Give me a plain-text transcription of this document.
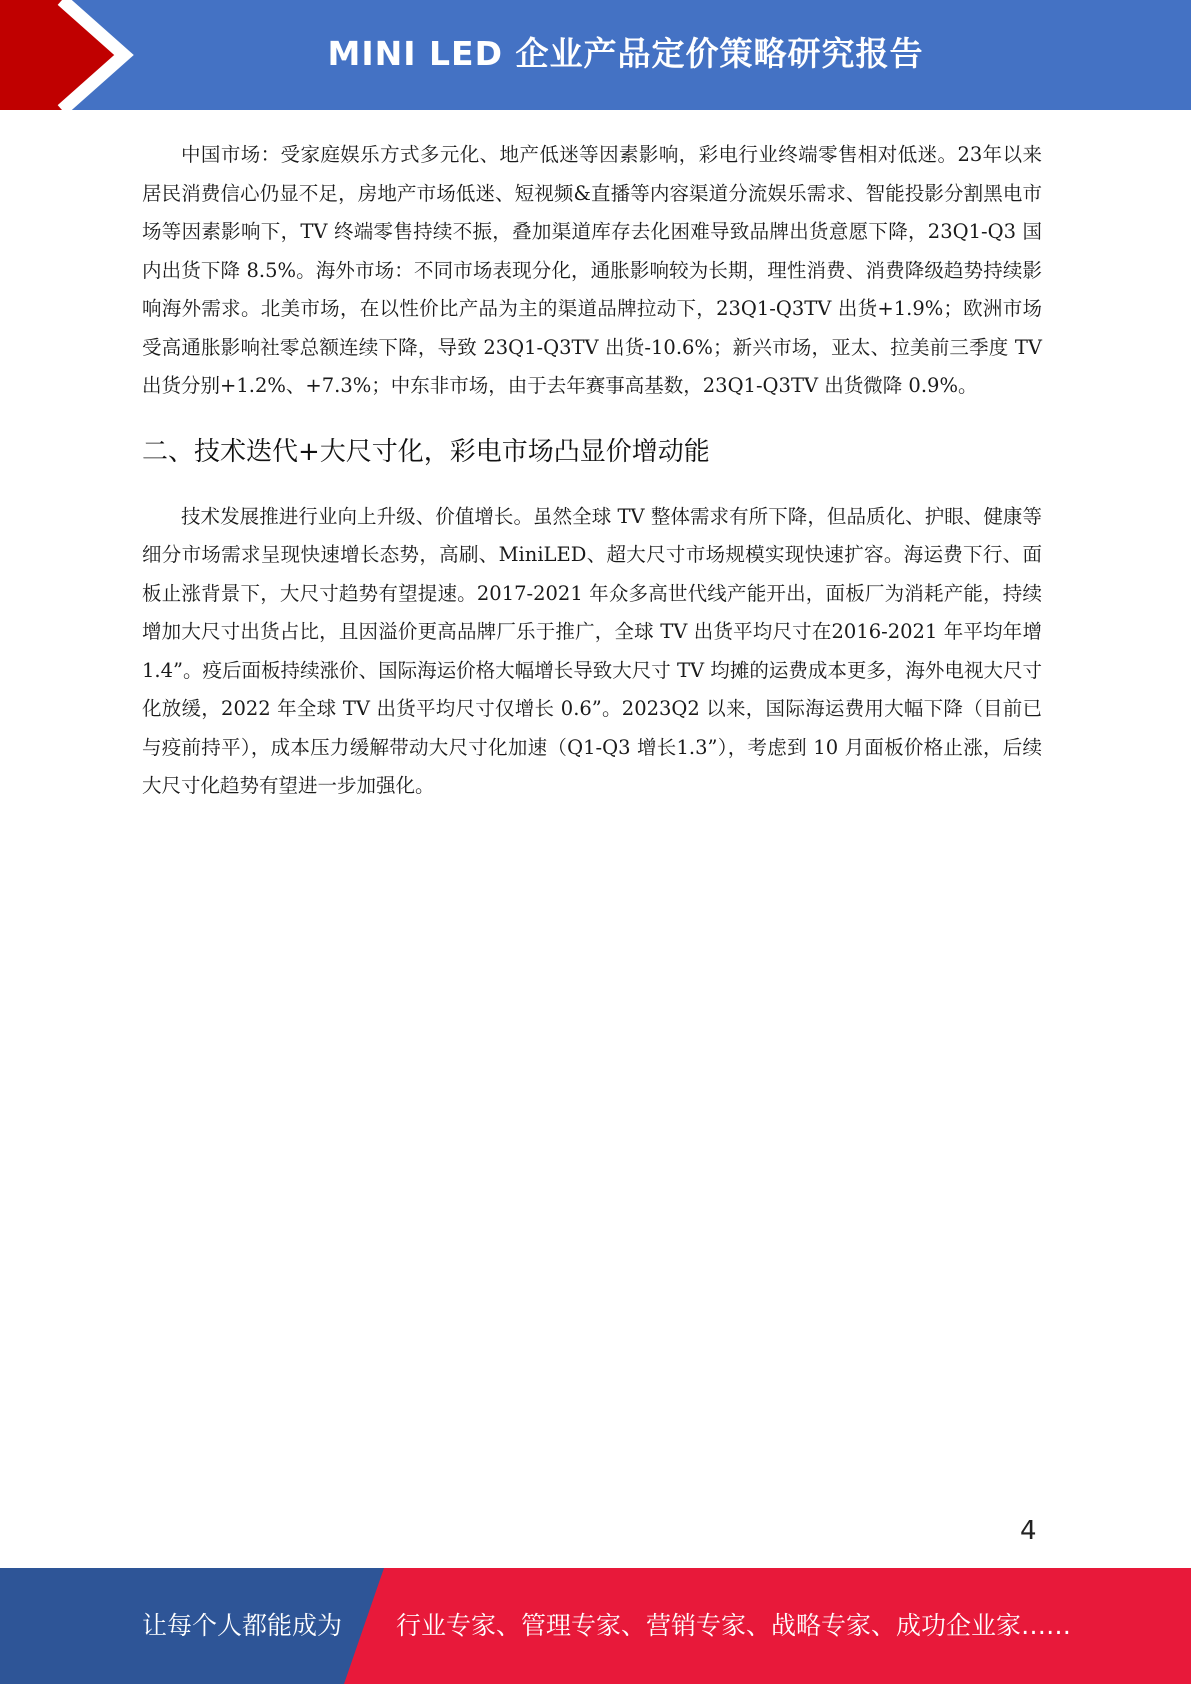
MINI LED 企业产品定价策略研究报告

中国市场：受家庭娱乐方式多元化、地产低迷等因素影响，彩电行业终端零售相对低迷。23年以来居民消费信心仍显不足，房地产市场低迷、短视频&直播等内容渠道分流娱乐需求、智能投影分割黑电市场等因素影响下，TV 终端零售持续不振，叠加渠道库存去化困难导致品牌出货意愿下降，23Q1-Q3 国内出货下降 8.5%。海外市场：不同市场表现分化，通胀影响较为长期，理性消费、消费降级趋势持续影响海外需求。北美市场，在以性价比产品为主的渠道品牌拉动下，23Q1-Q3TV 出货+1.9%；欧洲市场受高通胀影响社零总额连续下降，导致 23Q1-Q3TV 出货-10.6%；新兴市场，亚太、拉美前三季度 TV 出货分别+1.2%、+7.3%；中东非市场，由于去年赛事高基数，23Q1-Q3TV 出货微降 0.9%。

二、技术迭代+大尺寸化，彩电市场凸显价增动能

技术发展推进行业向上升级、价值增长。虽然全球 TV 整体需求有所下降，但品质化、护眼、健康等细分市场需求呈现快速增长态势，高刷、MiniLED、超大尺寸市场规模实现快速扩容。海运费下行、面板止涨背景下，大尺寸趋势有望提速。2017-2021 年众多高世代线产能开出，面板厂为消耗产能，持续增加大尺寸出货占比，且因溢价更高品牌厂乐于推广，全球 TV 出货平均尺寸在2016-2021 年平均年增 1.4”。疫后面板持续涨价、国际海运价格大幅增长导致大尺寸 TV 均摊的运费成本更多，海外电视大尺寸化放缓，2022 年全球 TV 出货平均尺寸仅增长 0.6”。2023Q2 以来，国际海运费用大幅下降（目前已与疫前持平），成本压力缓解带动大尺寸化加速（Q1-Q3 增长1.3”），考虑到 10 月面板价格止涨，后续大尺寸化趋势有望进一步加强化。

4
让每个人都能成为 行业专家、管理专家、营销专家、战略专家、成功企业家……
